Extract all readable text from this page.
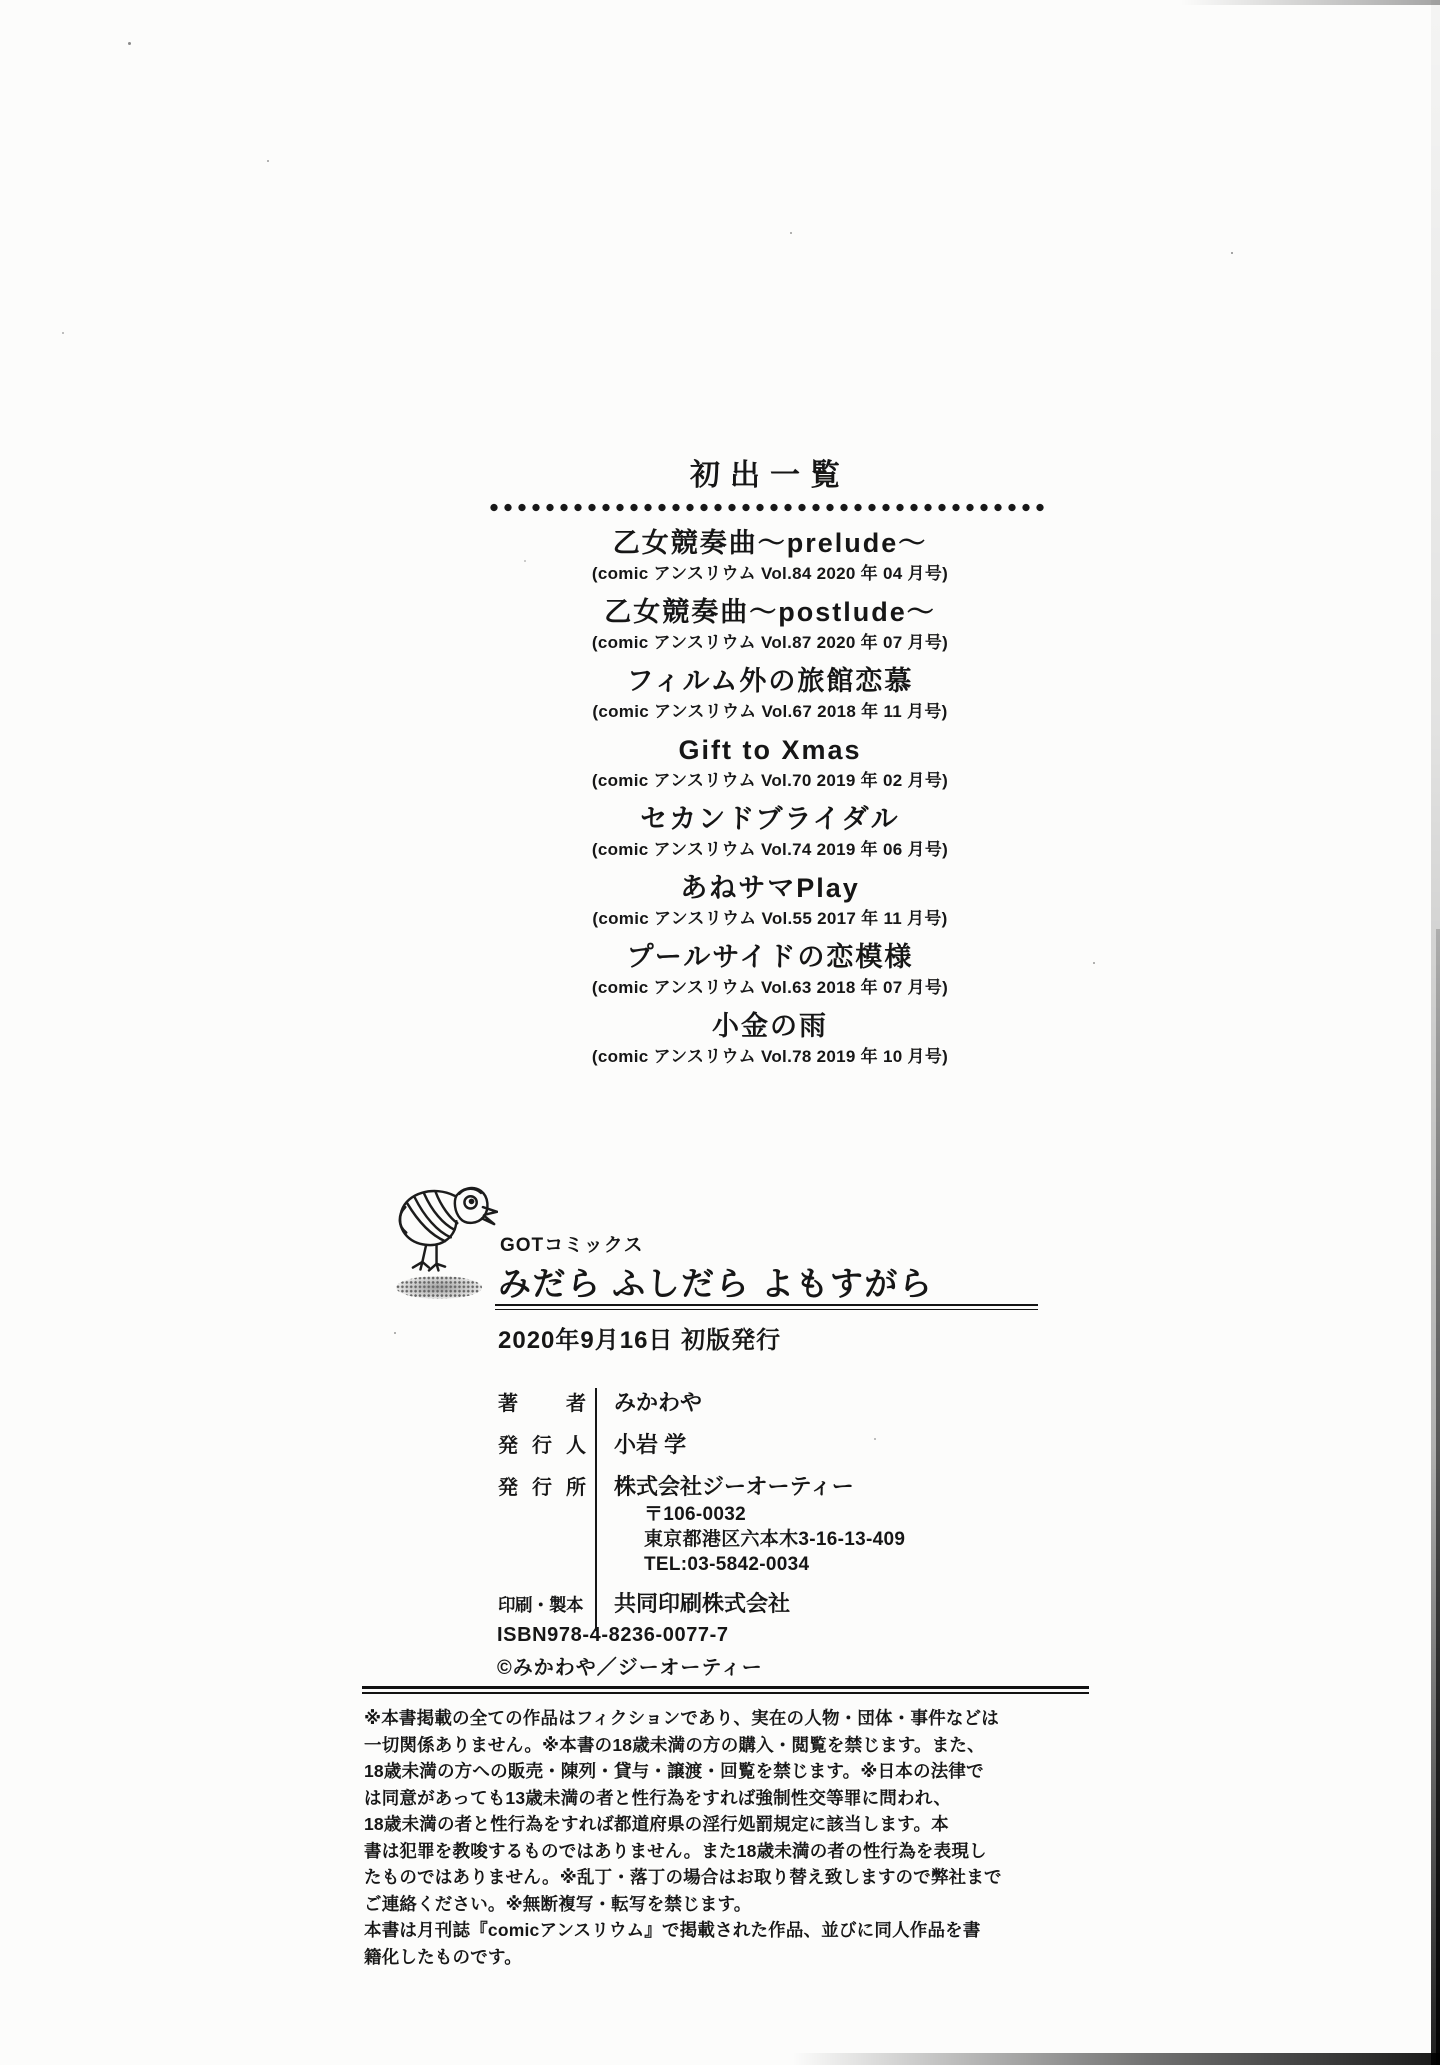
初出一覧
乙女競奏曲～prelude～
(comic アンスリウム Vol.84 2020 年 04 月号)
乙女競奏曲～postlude～
(comic アンスリウム Vol.87 2020 年 07 月号)
フィルム外の旅館恋慕
(comic アンスリウム Vol.67 2018 年 11 月号)
Gift to Xmas
(comic アンスリウム Vol.70 2019 年 02 月号)
セカンドブライダル
(comic アンスリウム Vol.74 2019 年 06 月号)
あねサマPlay
(comic アンスリウム Vol.55 2017 年 11 月号)
プールサイドの恋模様
(comic アンスリウム Vol.63 2018 年 07 月号)
小金の雨
(comic アンスリウム Vol.78 2019 年 10 月号)
GOTコミックス
みだら ふしだら よもすがら
2020年9月16日 初版発行
著者	みかわや
発行人	小岩 学
発行所 株式会社ジーオーティー
〒106-0032
東京都港区六本木3-16-13-409
TEL:03-5842-0034
印刷・製本	共同印刷株式会社
ISBN978-4-8236-0077-7
©みかわや／ジーオーティー
※本書掲載の全ての作品はフィクションであり、実在の人物・団体・事件などは
一切関係ありません。※本書の18歳未満の方の購入・閲覧を禁じます。また、
18歳未満の方への販売・陳列・貸与・譲渡・回覧を禁じます。※日本の法律で
は同意があっても13歳未満の者と性行為をすれば強制性交等罪に問われ、
18歳未満の者と性行為をすれば都道府県の淫行処罰規定に該当します。本
書は犯罪を教唆するものではありません。また18歳未満の者の性行為を表現し
たものではありません。※乱丁・落丁の場合はお取り替え致しますので弊社まで
ご連絡ください。※無断複写・転写を禁じます。
本書は月刊誌『comicアンスリウム』で掲載された作品、並びに同人作品を書
籍化したものです。
